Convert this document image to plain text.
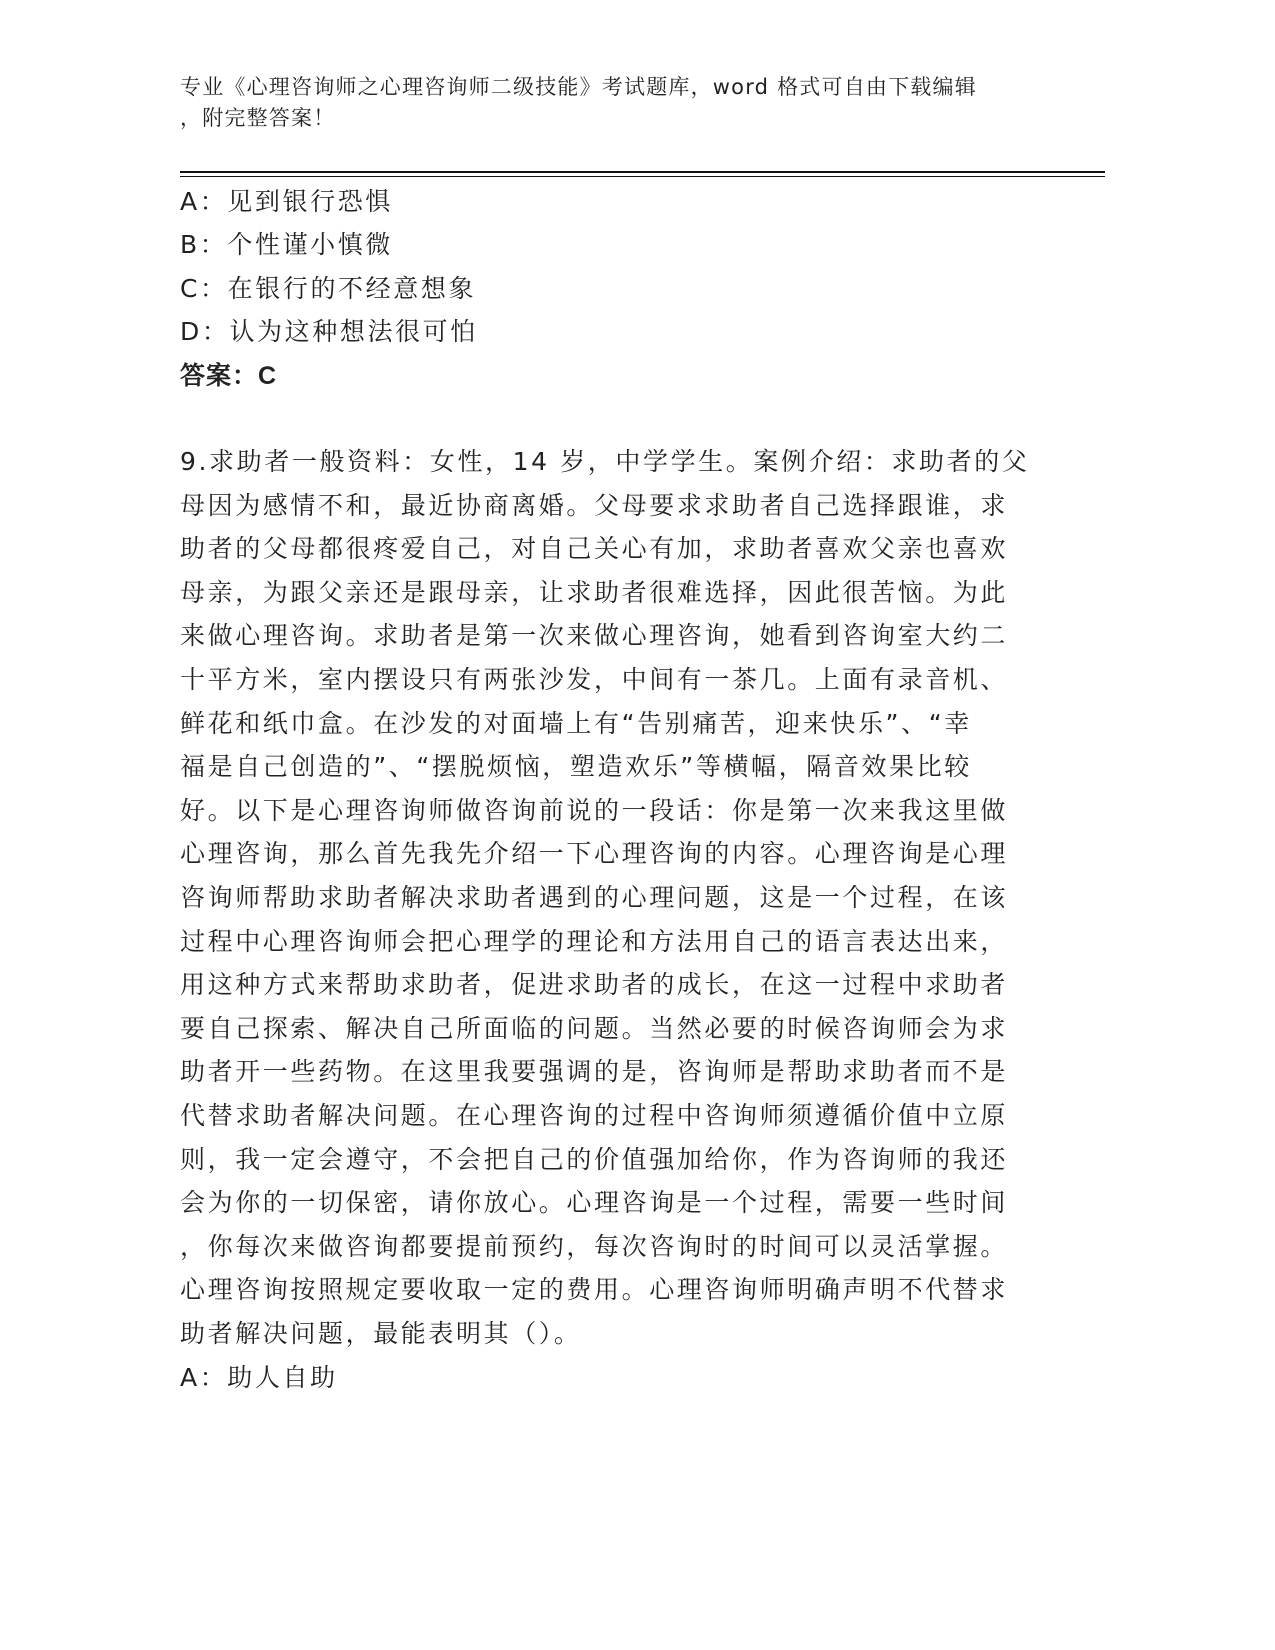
专业《心理咨询师之心理咨询师二级技能》考试题库，word 格式可自由下载编辑
，附完整答案！
A：见到银行恐惧
B：个性谨小慎微
C：在银行的不经意想象
D：认为这种想法很可怕
答案：C
9.求助者一般资料：女性，14 岁，中学学生。案例介绍：求助者的父
母因为感情不和，最近协商离婚。父母要求求助者自己选择跟谁，求
助者的父母都很疼爱自己，对自己关心有加，求助者喜欢父亲也喜欢
母亲，为跟父亲还是跟母亲，让求助者很难选择，因此很苦恼。为此
来做心理咨询。求助者是第一次来做心理咨询，她看到咨询室大约二
十平方米，室内摆设只有两张沙发，中间有一茶几。上面有录音机、
鲜花和纸巾盒。在沙发的对面墙上有“告别痛苦，迎来快乐”、“幸
福是自己创造的”、“摆脱烦恼，塑造欢乐”等横幅，隔音效果比较
好。以下是心理咨询师做咨询前说的一段话：你是第一次来我这里做
心理咨询，那么首先我先介绍一下心理咨询的内容。心理咨询是心理
咨询师帮助求助者解决求助者遇到的心理问题，这是一个过程，在该
过程中心理咨询师会把心理学的理论和方法用自己的语言表达出来，
用这种方式来帮助求助者，促进求助者的成长，在这一过程中求助者
要自己探索、解决自己所面临的问题。当然必要的时候咨询师会为求
助者开一些药物。在这里我要强调的是，咨询师是帮助求助者而不是
代替求助者解决问题。在心理咨询的过程中咨询师须遵循价值中立原
则，我一定会遵守，不会把自己的价值强加给你，作为咨询师的我还
会为你的一切保密，请你放心。心理咨询是一个过程，需要一些时间
，你每次来做咨询都要提前预约，每次咨询时的时间可以灵活掌握。
心理咨询按照规定要收取一定的费用。心理咨询师明确声明不代替求
助者解决问题，最能表明其（）。
A：助人自助
